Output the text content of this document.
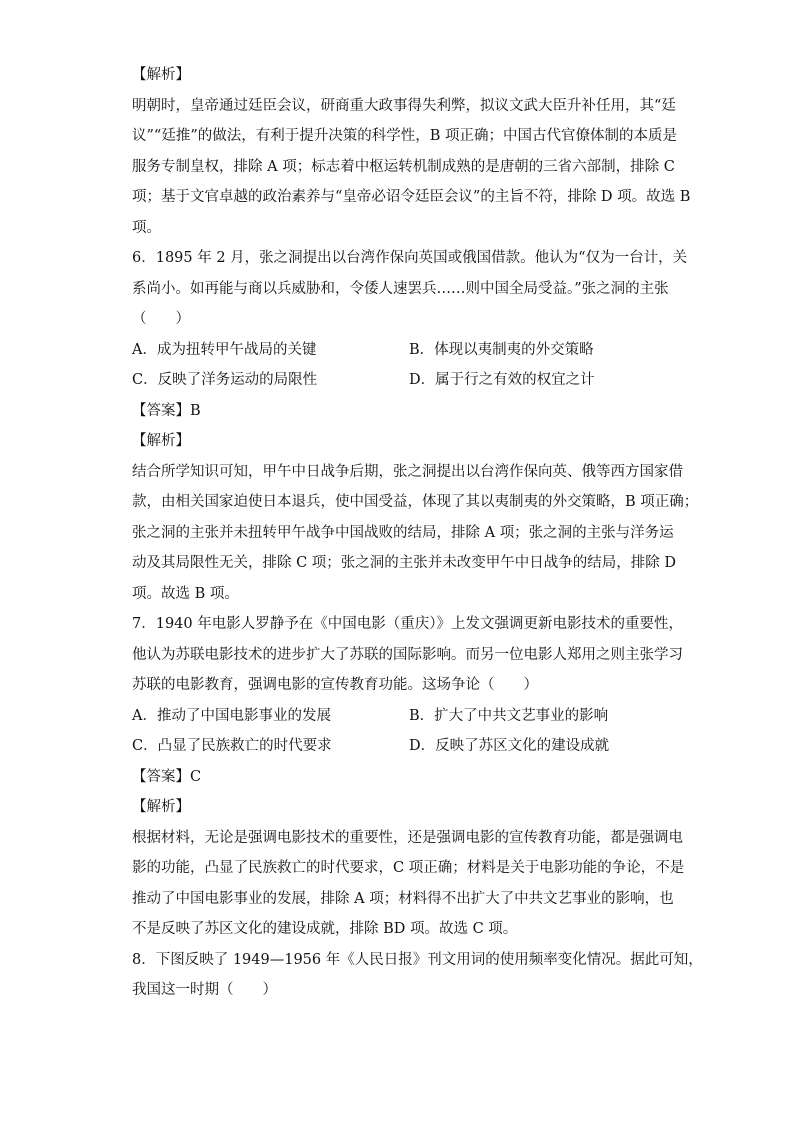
【解析】
明朝时，皇帝通过廷臣会议，研商重大政事得失利弊，拟议文武大臣升补任用，其“廷
议”“廷推”的做法，有利于提升决策的科学性，B 项正确；中国古代官僚体制的本质是
服务专制皇权，排除 A 项；标志着中枢运转机制成熟的是唐朝的三省六部制，排除 C
项；基于文官卓越的政治素养与“皇帝必诏令廷臣会议”的主旨不符，排除 D 项。故选 B
项。
6．1895 年 2 月，张之洞提出以台湾作保向英国或俄国借款。他认为“仅为一台计，关
系尚小。如再能与商以兵威胁和，令倭人速罢兵……则中国全局受益。”张之洞的主张
（　　）
A．成为扭转甲午战局的关键	B．体现以夷制夷的外交策略
C．反映了洋务运动的局限性	D．属于行之有效的权宜之计
【答案】B
【解析】
结合所学知识可知，甲午中日战争后期，张之洞提出以台湾作保向英、俄等西方国家借
款，由相关国家迫使日本退兵，使中国受益，体现了其以夷制夷的外交策略，B 项正确；
张之洞的主张并未扭转甲午战争中国战败的结局，排除 A 项；张之洞的主张与洋务运
动及其局限性无关，排除 C 项；张之洞的主张并未改变甲午中日战争的结局，排除 D
项。故选 B 项。
7．1940 年电影人罗静予在《中国电影（重庆）》上发文强调更新电影技术的重要性，
他认为苏联电影技术的进步扩大了苏联的国际影响。而另一位电影人郑用之则主张学习
苏联的电影教育，强调电影的宣传教育功能。这场争论（　　）
A．推动了中国电影事业的发展	B．扩大了中共文艺事业的影响
C．凸显了民族救亡的时代要求	D．反映了苏区文化的建设成就
【答案】C
【解析】
根据材料，无论是强调电影技术的重要性，还是强调电影的宣传教育功能，都是强调电
影的功能，凸显了民族救亡的时代要求，C 项正确；材料是关于电影功能的争论，不是
推动了中国电影事业的发展，排除 A 项；材料得不出扩大了中共文艺事业的影响，也
不是反映了苏区文化的建设成就，排除 BD 项。故选 C 项。
8．下图反映了 1949—1956 年《人民日报》刊文用词的使用频率变化情况。据此可知，
我国这一时期（　　）
